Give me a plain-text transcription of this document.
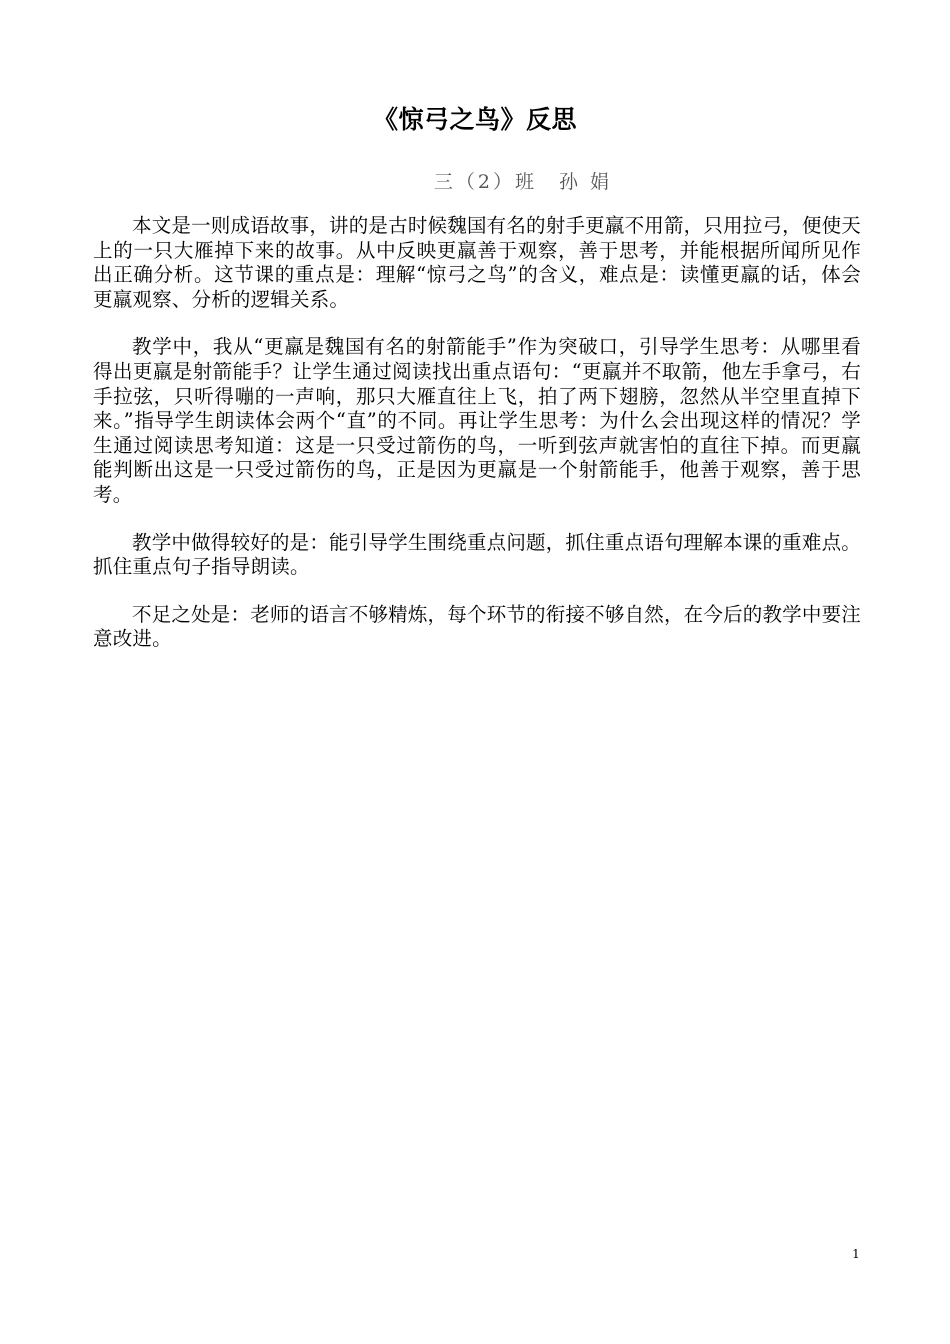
《惊弓之鸟》反思
三（2）班 孙 娟

本文是一则成语故事，讲的是古时候魏国有名的射手更羸不用箭，只用拉弓，便使天上的一只大雁掉下来的故事。从中反映更羸善于观察，善于思考，并能根据所闻所见作出正确分析。这节课的重点是：理解“惊弓之鸟”的含义，难点是：读懂更羸的话，体会更羸观察、分析的逻辑关系。

教学中，我从“更羸是魏国有名的射箭能手”作为突破口，引导学生思考：从哪里看得出更羸是射箭能手？让学生通过阅读找出重点语句：“更羸并不取箭，他左手拿弓，右手拉弦，只听得嘣的一声响，那只大雁直往上飞，拍了两下翅膀，忽然从半空里直掉下来。”指导学生朗读体会两个“直”的不同。再让学生思考：为什么会出现这样的情况？学生通过阅读思考知道：这是一只受过箭伤的鸟，一听到弦声就害怕的直往下掉。而更羸能判断出这是一只受过箭伤的鸟，正是因为更羸是一个射箭能手，他善于观察，善于思考。

教学中做得较好的是：能引导学生围绕重点问题，抓住重点语句理解本课的重难点。抓住重点句子指导朗读。

不足之处是：老师的语言不够精炼，每个环节的衔接不够自然，在今后的教学中要注意改进。

1
